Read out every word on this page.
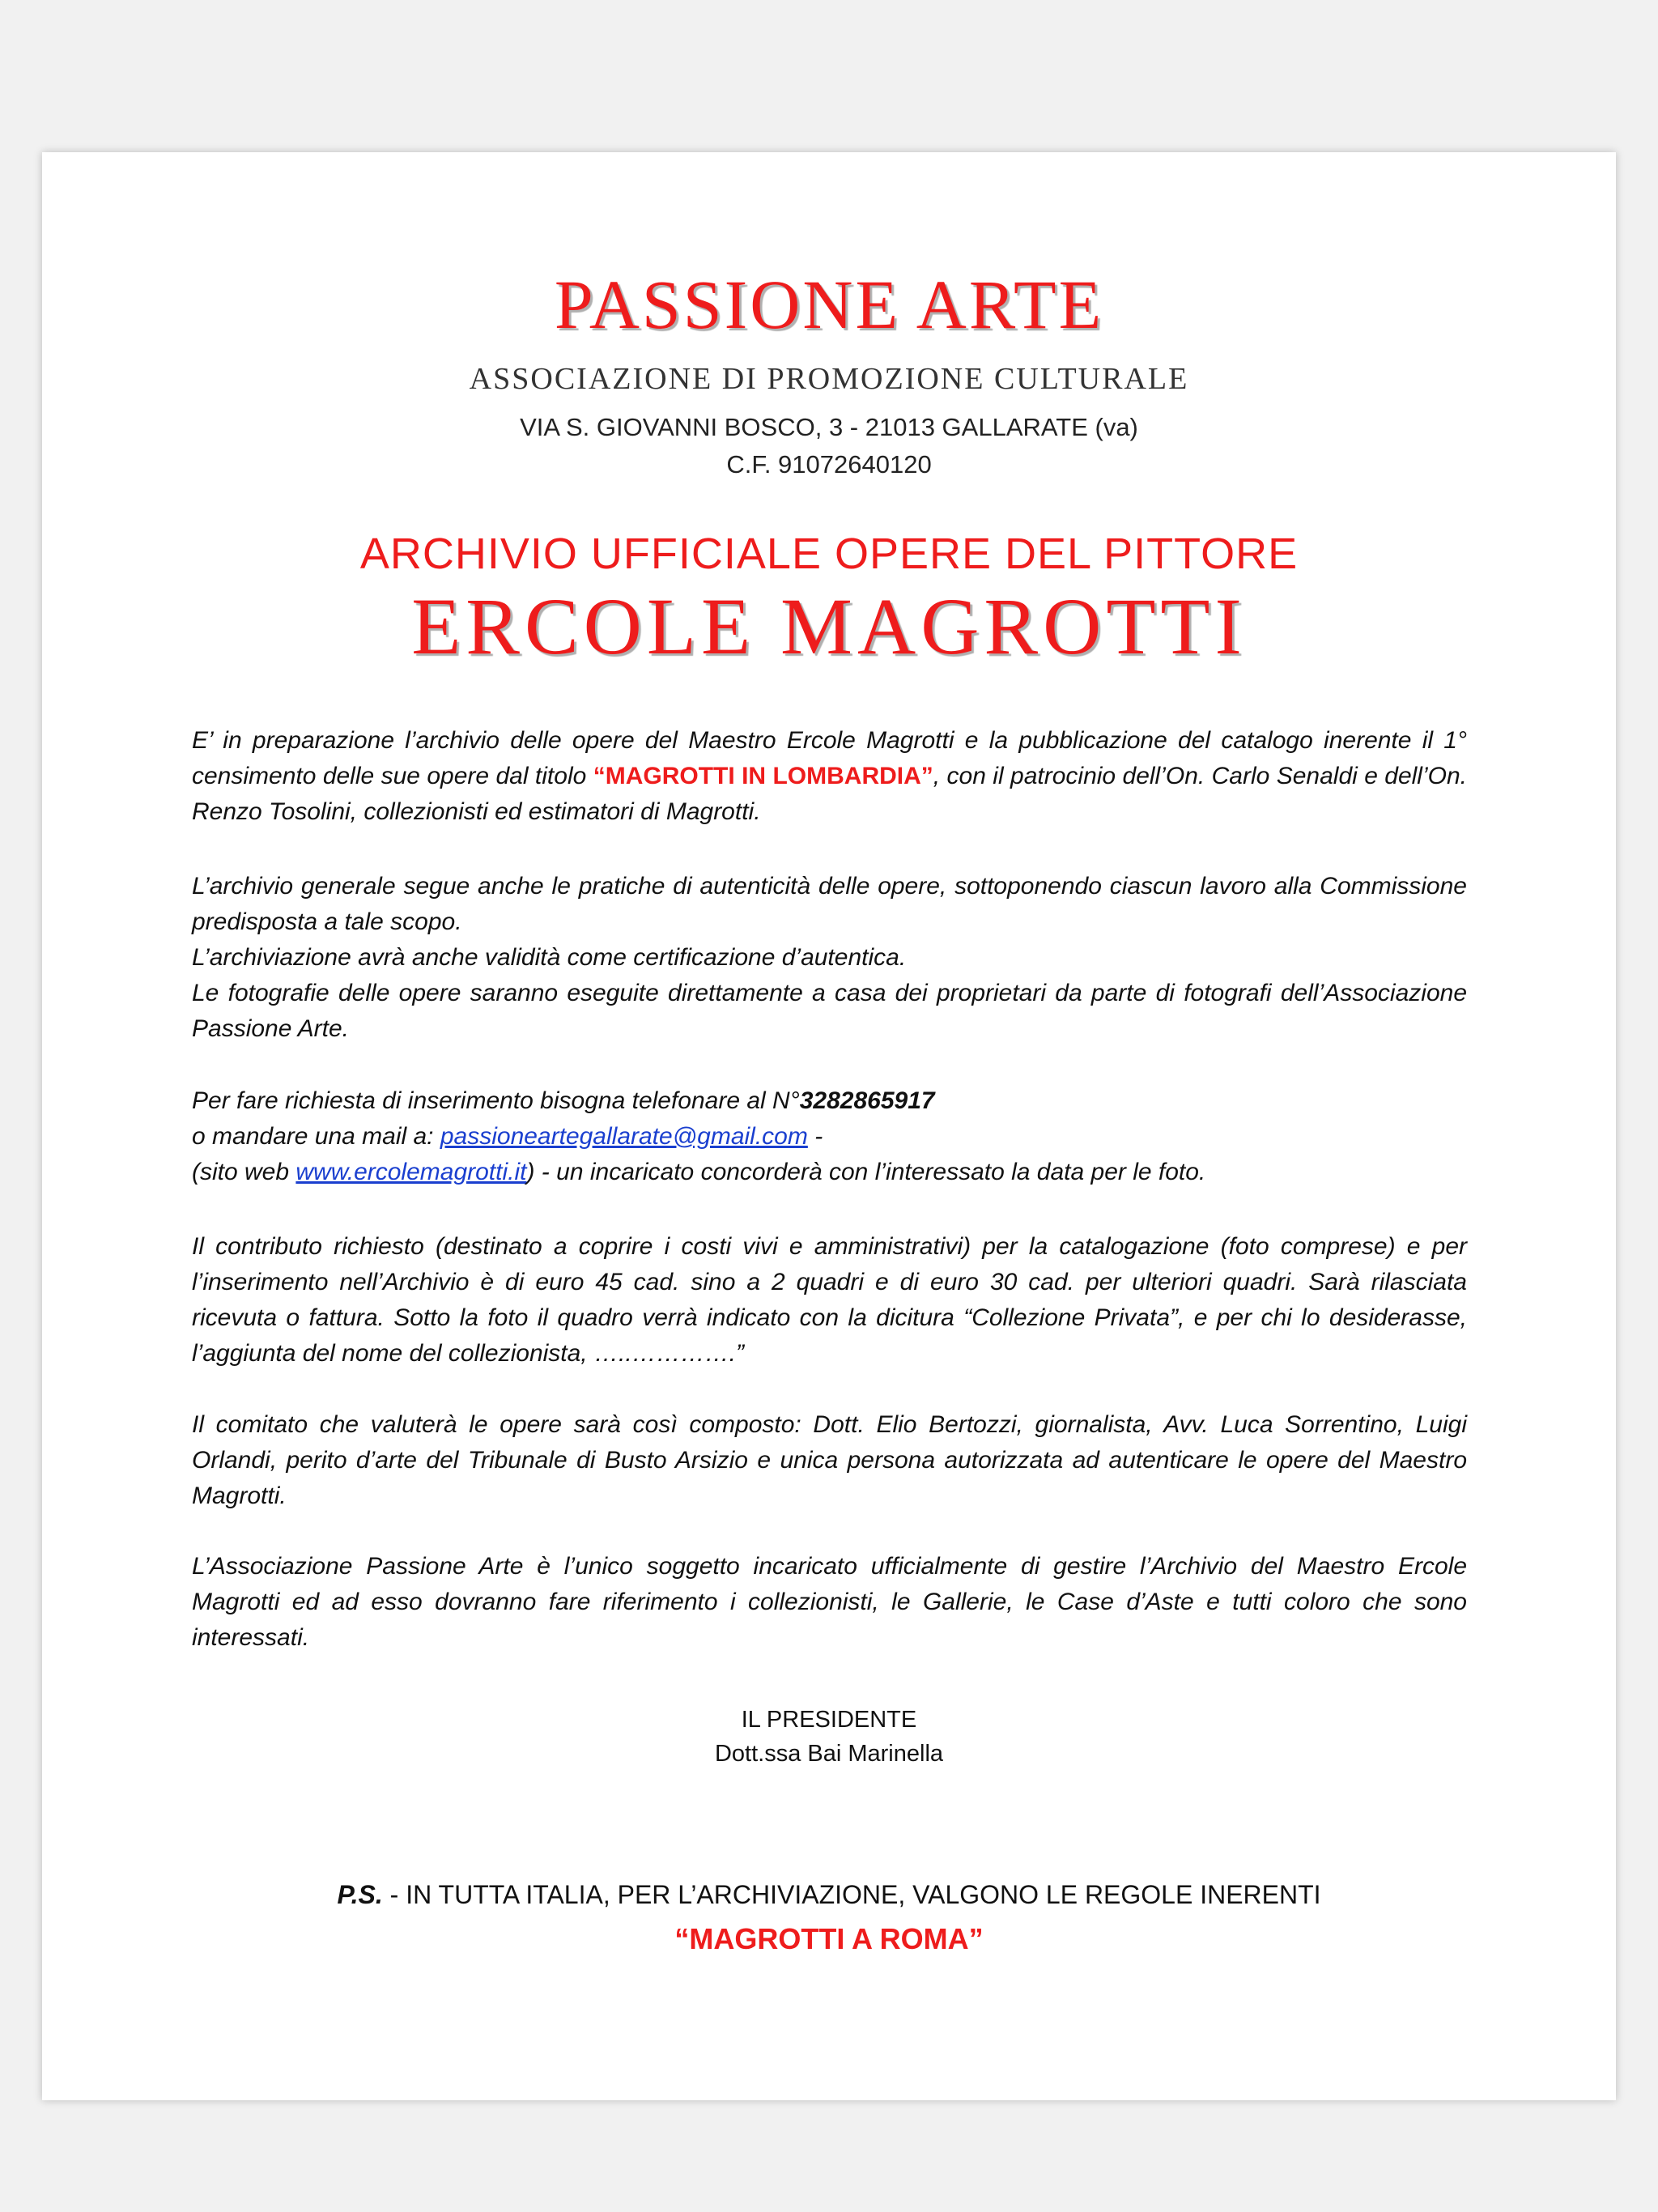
PASSIONE ARTE
ASSOCIAZIONE DI PROMOZIONE CULTURALE
VIA S. GIOVANNI BOSCO, 3 - 21013 GALLARATE (va)
C.F. 91072640120
ARCHIVIO UFFICIALE OPERE DEL PITTORE
ERCOLE MAGROTTI

E’ in preparazione l’archivio delle opere del Maestro Ercole Magrotti e la pubblicazione del catalogo inerente il 1° censimento delle sue opere dal titolo “MAGROTTI IN LOMBARDIA”, con il patrocinio dell’On. Carlo Senaldi e dell’On. Renzo Tosolini, collezionisti ed estimatori di Magrotti.

L’archivio generale segue anche le pratiche di autenticità delle opere, sottoponendo ciascun lavoro alla Commissione predisposta a tale scopo.

L’archiviazione avrà anche validità come certificazione d’autentica.

Le fotografie delle opere saranno eseguite direttamente a casa dei proprietari da parte di fotografi dell’Associazione Passione Arte.

Per fare richiesta di inserimento bisogna telefonare al N°3282865917

o mandare una mail a: passioneartegallarate@gmail.com -

(sito web www.ercolemagrotti.it) - un incaricato concorderà con l’interessato la data per le foto.

Il contributo richiesto (destinato a coprire i costi vivi e amministrativi) per la catalogazione (foto comprese) e per l’inserimento nell’Archivio è di euro 45 cad. sino a 2 quadri e di euro 30 cad. per ulteriori quadri. Sarà rilasciata ricevuta o fattura. Sotto la foto il quadro verrà indicato con la dicitura “Collezione Privata”, e per chi lo desiderasse, l’aggiunta del nome del collezionista, …..………….”

Il comitato che valuterà le opere sarà così composto: Dott. Elio Bertozzi, giornalista, Avv. Luca Sorrentino, Luigi Orlandi, perito d’arte del Tribunale di Busto Arsizio e unica persona autorizzata ad autenticare le opere del Maestro Magrotti.

L’Associazione Passione Arte è l’unico soggetto incaricato ufficialmente di gestire l’Archivio del Maestro Ercole Magrotti ed ad esso dovranno fare riferimento i collezionisti, le Gallerie, le Case d’Aste e tutti coloro che sono interessati.

IL PRESIDENTE
Dott.ssa Bai Marinella
P.S. - IN TUTTA ITALIA, PER L’ARCHIVIAZIONE, VALGONO LE REGOLE INERENTI
“MAGROTTI A ROMA”
